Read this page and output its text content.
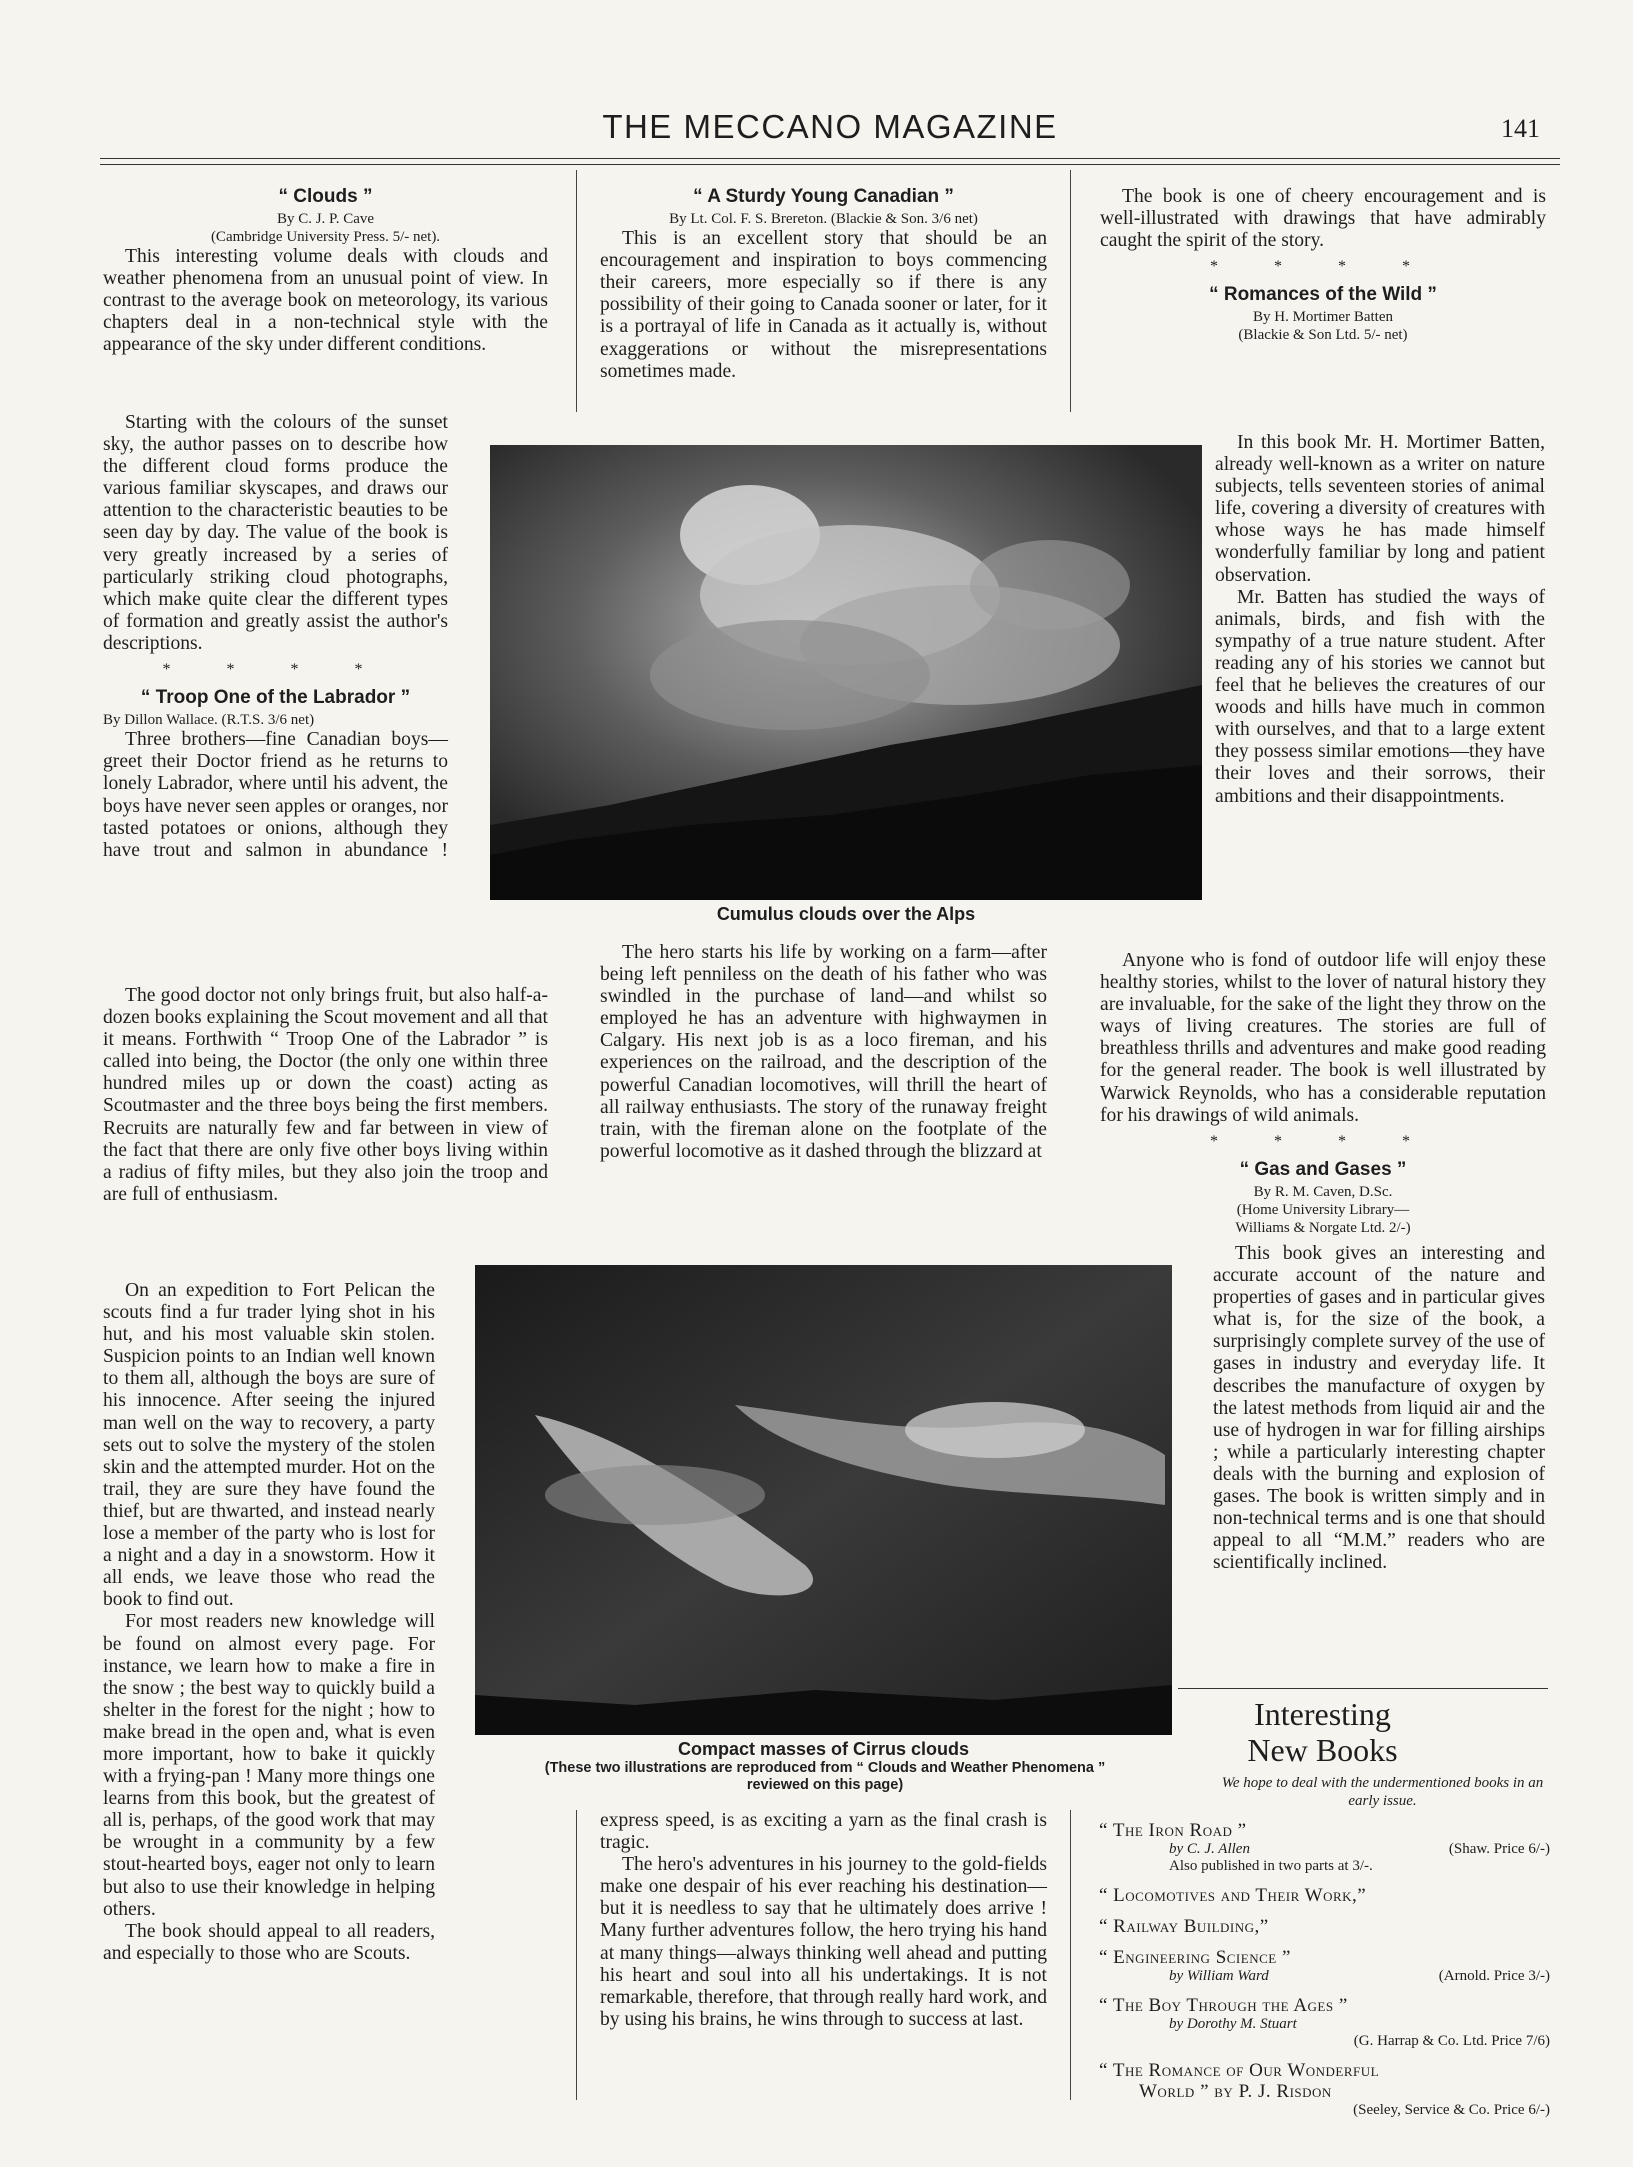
THE MECCANO MAGAZINE	141
“ Clouds ”
By C. J. P. Cave
(Cambridge University Press. 5/- net).

This interesting volume deals with clouds and weather phenomena from an unusual point of view. In contrast to the average book on meteorology, its various chapters deal in a non-technical style with the appearance of the sky under different conditions.

Starting with the colours of the sunset sky, the author passes on to describe how the different cloud forms produce the various familiar skyscapes, and draws our attention to the characteristic beauties to be seen day by day. The value of the book is very greatly increased by a series of particularly striking cloud photographs, which make quite clear the different types of formation and greatly assist the author's descriptions.

* * * *
“ Troop One of the Labrador ”
By Dillon Wallace. (R.T.S. 3/6 net)

Three brothers—fine Canadian boys—greet their Doctor friend as he returns to lonely Labrador, where until his advent, the boys have never seen apples or oranges, nor tasted potatoes or onions, although they have trout and salmon in abundance !

The good doctor not only brings fruit, but also half-a-dozen books explaining the Scout movement and all that it means. Forthwith “ Troop One of the Labrador ” is called into being, the Doctor (the only one within three hundred miles up or down the coast) acting as Scoutmaster and the three boys being the first members. Recruits are naturally few and far between in view of the fact that there are only five other boys living within a radius of fifty miles, but they also join the troop and are full of enthusiasm.

On an expedition to Fort Pelican the scouts find a fur trader lying shot in his hut, and his most valuable skin stolen. Suspicion points to an Indian well known to them all, although the boys are sure of his innocence. After seeing the injured man well on the way to recovery, a party sets out to solve the mystery of the stolen skin and the attempted murder. Hot on the trail, they are sure they have found the thief, but are thwarted, and instead nearly lose a member of the party who is lost for a night and a day in a snowstorm. How it all ends, we leave those who read the book to find out.

For most readers new knowledge will be found on almost every page. For instance, we learn how to make a fire in the snow ; the best way to quickly build a shelter in the forest for the night ; how to make bread in the open and, what is even more important, how to bake it quickly with a frying-pan ! Many more things one learns from this book, but the greatest of all is, perhaps, of the good work that may be wrought in a community by a few stout-hearted boys, eager not only to learn but also to use their knowledge in helping others.

The book should appeal to all readers, and especially to those who are Scouts.

“ A Sturdy Young Canadian ”
By Lt. Col. F. S. Brereton. (Blackie & Son. 3/6 net)

This is an excellent story that should be an encouragement and inspiration to boys commencing their careers, more especially so if there is any possibility of their going to Canada sooner or later, for it is a portrayal of life in Canada as it actually is, without exaggerations or without the misrepresentations sometimes made.

The hero starts his life by working on a farm—after being left penniless on the death of his father who was swindled in the purchase of land—and whilst so employed he has an adventure with highwaymen in Calgary. His next job is as a loco fireman, and his experiences on the railroad, and the description of the powerful Canadian locomotives, will thrill the heart of all railway enthusiasts. The story of the runaway freight train, with the fireman alone on the footplate of the powerful locomotive as it dashed through the blizzard at

express speed, is as exciting a yarn as the final crash is tragic.

The hero's adventures in his journey to the gold-fields make one despair of his ever reaching his destination—but it is needless to say that he ultimately does arrive ! Many further adventures follow, the hero trying his hand at many things—always thinking well ahead and putting his heart and soul into all his undertakings. It is not remarkable, therefore, that through really hard work, and by using his brains, he wins through to success at last.

The book is one of cheery encouragement and is well-illustrated with drawings that have admirably caught the spirit of the story.

* * * *
“ Romances of the Wild ”
By H. Mortimer Batten
(Blackie & Son Ltd. 5/- net)

In this book Mr. H. Mortimer Batten, already well-known as a writer on nature subjects, tells seventeen stories of animal life, covering a diversity of creatures with whose ways he has made himself wonderfully familiar by long and patient observation.

Mr. Batten has studied the ways of animals, birds, and fish with the sympathy of a true nature student. After reading any of his stories we cannot but feel that he believes the creatures of our woods and hills have much in common with ourselves, and that to a large extent they possess similar emotions—they have their loves and their sorrows, their ambitions and their disappointments.

Anyone who is fond of outdoor life will enjoy these healthy stories, whilst to the lover of natural history they are invaluable, for the sake of the light they throw on the ways of living creatures. The stories are full of breathless thrills and adventures and make good reading for the general reader. The book is well illustrated by Warwick Reynolds, who has a considerable reputation for his drawings of wild animals.

* * * *
“ Gas and Gases ”
By R. M. Caven, D.Sc.
(Home University Library—
Williams & Norgate Ltd. 2/-)

This book gives an interesting and accurate account of the nature and properties of gases and in particular gives what is, for the size of the book, a surprisingly complete survey of the use of gases in industry and everyday life. It describes the manufacture of oxygen by the latest methods from liquid air and the use of hydrogen in war for filling airships ; while a particularly interesting chapter deals with the burning and explosion of gases. The book is written simply and in non-technical terms and is one that should appeal to all “M.M.” readers who are scientifically inclined.

Cumulus clouds over the Alps
Compact masses of Cirrus clouds
(These two illustrations are reproduced from “ Clouds and Weather Phenomena ”
reviewed on this page)
Interesting
New Books
We hope to deal with the undermentioned books in an early issue.
“ The Iron Road ”
by C. J. Allen	(Shaw. Price 6/-)
Also published in two parts at 3/-.
“ Locomotives and Their Work,”
“ Railway Building,”
“ Engineering Science ”
by William Ward	(Arnold. Price 3/-)
“ The Boy Through the Ages ”
by Dorothy M. Stuart
(G. Harrap & Co. Ltd. Price 7/6)
“ The Romance of Our Wonderful
World ” by P. J. Risdon
(Seeley, Service & Co. Price 6/-)
